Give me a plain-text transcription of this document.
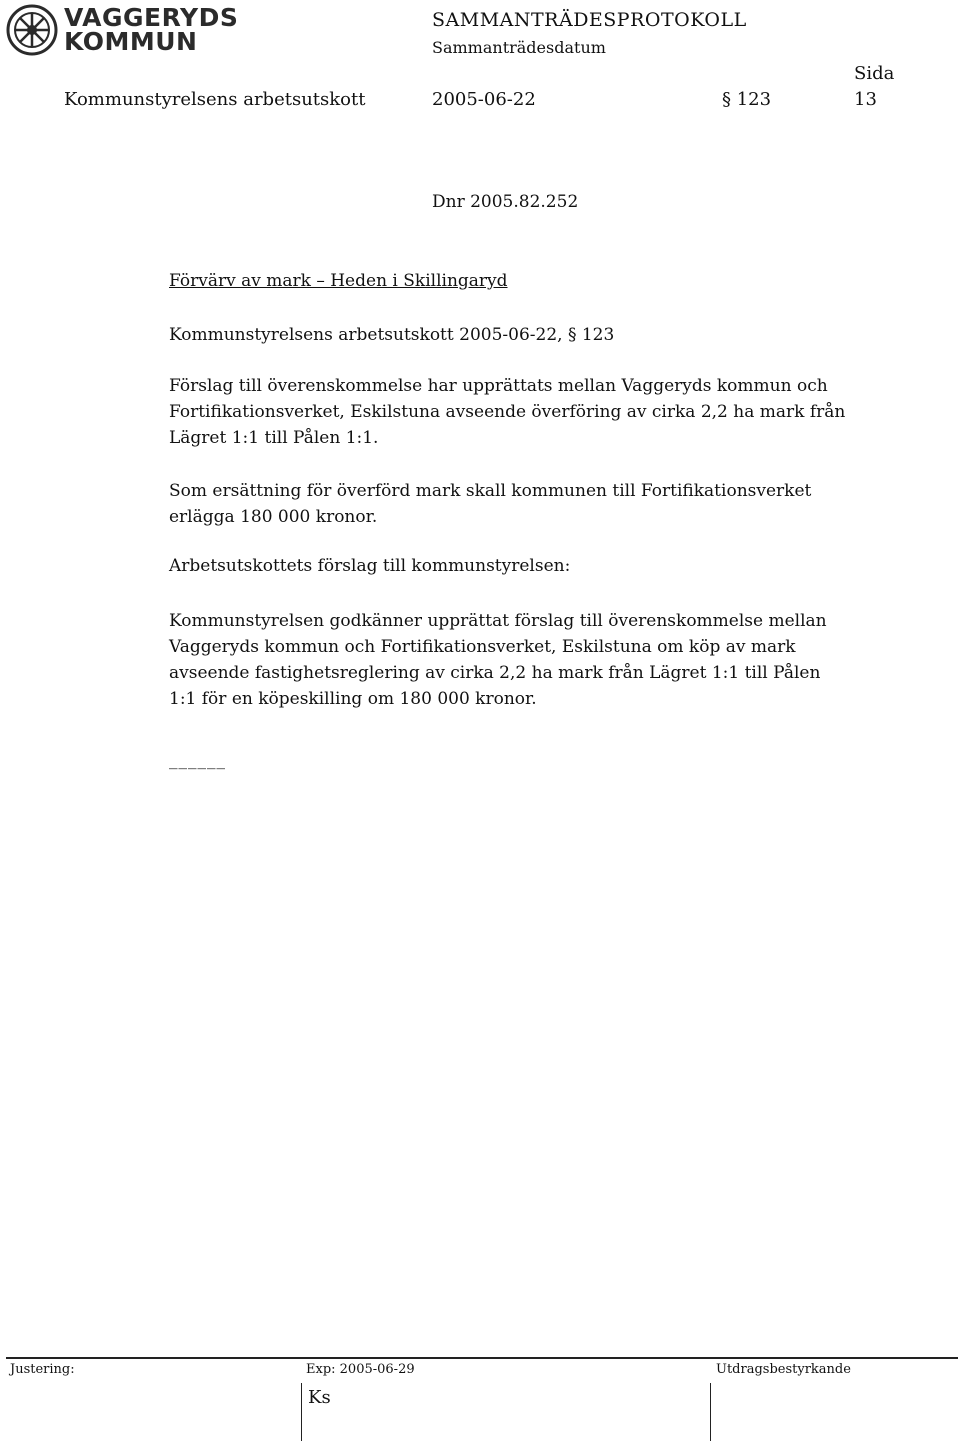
VAGGERYDS
KOMMUN
SAMMANTRÄDESPROTOKOLL
Sammanträdesdatum
Sida
Kommunstyrelsens arbetsutskott	2005-06-22	§ 123	13
Dnr 2005.82.252
Förvärv av mark – Heden i Skillingaryd
Kommunstyrelsens arbetsutskott 2005-06-22, § 123

Förslag till överenskommelse har upprättats mellan Vaggeryds kommun och Fortifikationsverket, Eskilstuna avseende överföring av cirka 2,2 ha mark från Lägret 1:1 till Pålen 1:1.

Som ersättning för överförd mark skall kommunen till Fortifikationsverket erlägga 180 000 kronor.

Arbetsutskottets förslag till kommunstyrelsen:

Kommunstyrelsen godkänner upprättat förslag till överenskommelse mellan Vaggeryds kommun och Fortifikationsverket, Eskilstuna om köp av mark avseende fastighetsreglering av cirka 2,2 ha mark från Lägret 1:1 till Pålen 1:1 för en köpeskilling om 180 000 kronor.

______
Justering:	Exp: 2005-06-29	Utdragsbestyrkande
Ks
